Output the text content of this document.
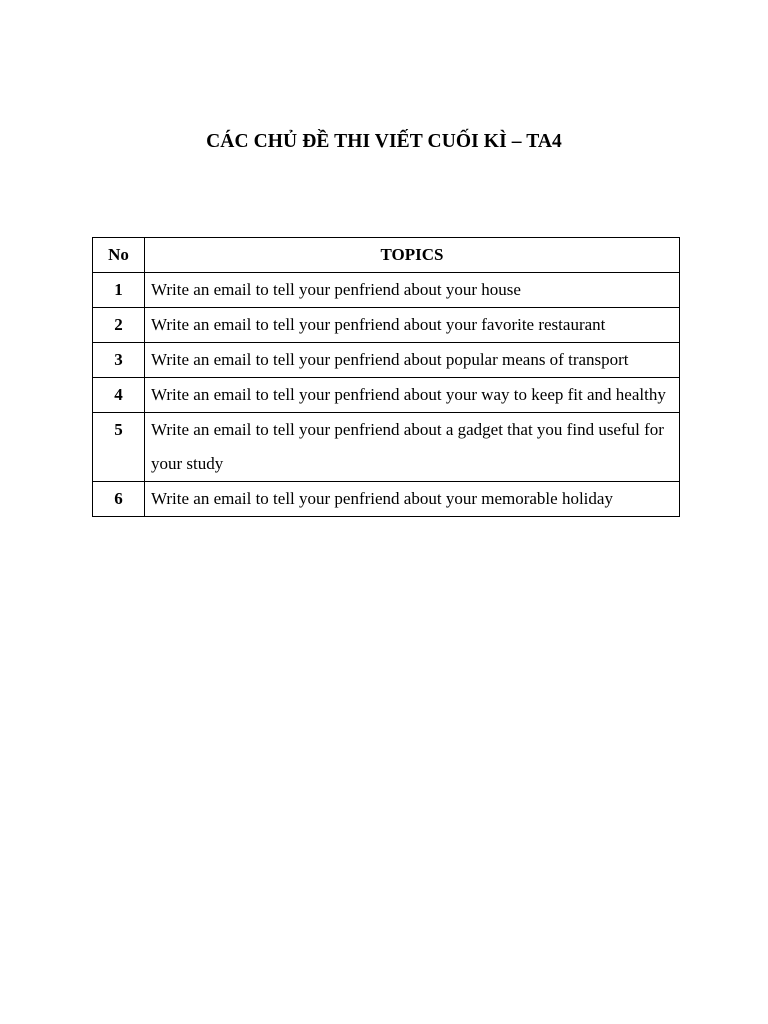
CÁC CHỦ ĐỀ THI VIẾT CUỐI KÌ – TA4
No	TOPICS
1	Write an email to tell your penfriend about your house
2	Write an email to tell your penfriend about your favorite restaurant
3	Write an email to tell your penfriend about popular means of transport
4	Write an email to tell your penfriend about your way to keep fit and healthy
5	Write an email to tell your penfriend about a gadget that you find useful for your study
6	Write an email to tell your penfriend about your memorable holiday
